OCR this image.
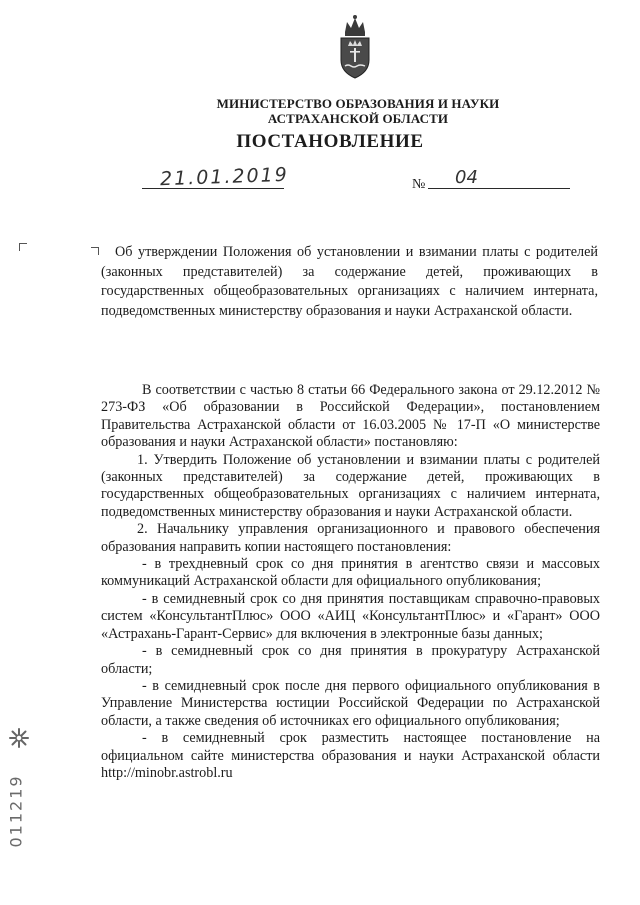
МИНИСТЕРСТВО ОБРАЗОВАНИЯ И НАУКИ
АСТРАХАНСКОЙ ОБЛАСТИ
ПОСТАНОВЛЕНИЕ
21.01.2019	№ 04

Об утверждении Положения об установлении и взимании платы с родителей (законных представителей) за содержание детей, проживающих в государственных общеобразовательных организациях с наличием интерната, подведомственных министерству образования и науки Астраханской области.

В соответствии с частью 8 статьи 66 Федерального закона от 29.12.2012 № 273-ФЗ «Об образовании в Российской Федерации», постановлением Правительства Астраханской области от 16.03.2005 № 17-П «О министерстве образования и науки Астраханской области» постановляю:

1. Утвердить Положение об установлении и взимании платы с родителей (законных представителей) за содержание детей, проживающих в государственных общеобразовательных организациях с наличием интерната, подведомственных министерству образования и науки Астраханской области.

2. Начальнику управления организационного и правового обеспечения образования направить копии настоящего постановления:

- в трехдневный срок со дня принятия в агентство связи и массовых коммуникаций Астраханской области для официального опубликования;

- в семидневный срок со дня принятия поставщикам справочно-правовых систем «КонсультантПлюс» ООО «АИЦ «КонсультантПлюс» и «Гарант» ООО «Астрахань-Гарант-Сервис» для включения в электронные базы данных;

- в семидневный срок со дня принятия в прокуратуру Астраханской области;

- в семидневный срок после дня первого официального опубликования в Управление Министерства юстиции Российской Федерации по Астраханской области, а также сведения об источниках его официального опубликования;

- в семидневный срок разместить настоящее постановление на официальном сайте министерства образования и науки Астраханской области http://minobr.astrobl.ru

011219
